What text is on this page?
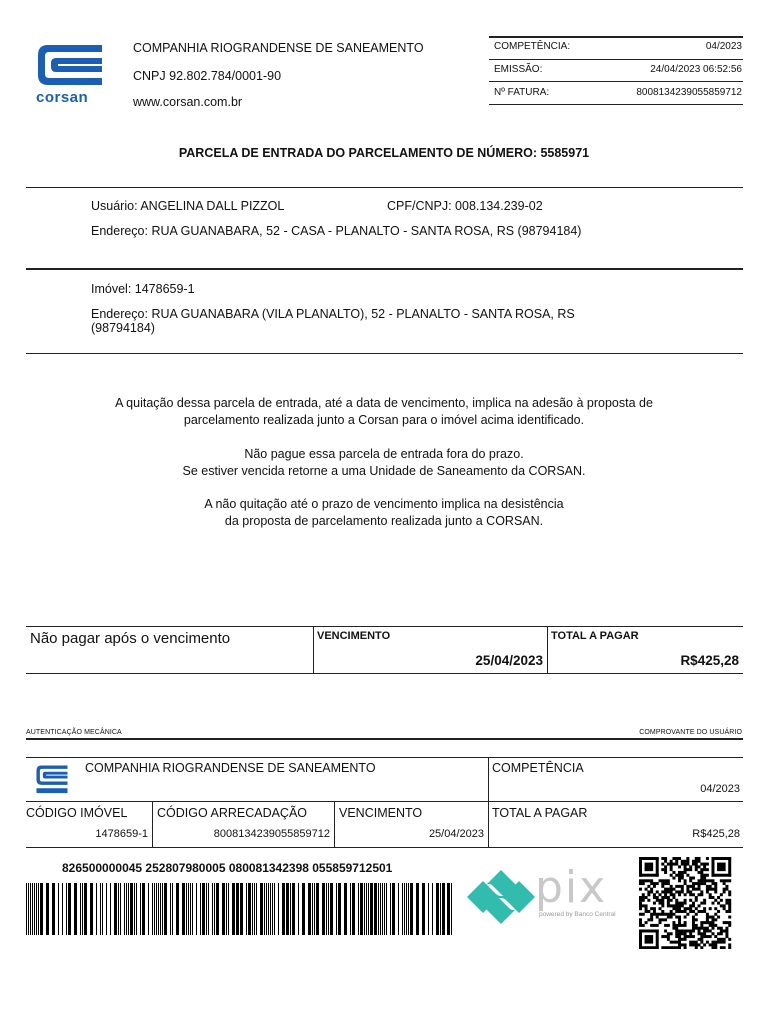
corsan
COMPANHIA RIOGRANDENSE DE SANEAMENTO
CNPJ 92.802.784/0001-90
www.corsan.com.br
COMPETÊNCIA:	04/2023
EMISSÃO:	24/04/2023 06:52:56
Nº FATURA:	8008134239055859712
PARCELA DE ENTRADA DO PARCELAMENTO DE NÚMERO: 5585971
Usuário: ANGELINA DALL PIZZOL	CPF/CNPJ: 008.134.239-02
Endereço: RUA GUANABARA, 52 - CASA - PLANALTO - SANTA ROSA, RS (98794184)
Imóvel: 1478659-1
Endereço: RUA GUANABARA (VILA PLANALTO), 52 - PLANALTO - SANTA ROSA, RS
(98794184)
A quitação dessa parcela de entrada, até a data de vencimento, implica na adesão à proposta de
parcelamento realizada junto a Corsan para o imóvel acima identificado.
Não pague essa parcela de entrada fora do prazo.
Se estiver vencida retorne a uma Unidade de Saneamento da CORSAN.
A não quitação até o prazo de vencimento implica na desistência
da proposta de parcelamento realizada junto a CORSAN.
Não pagar após o vencimento	VENCIMENTO
25/04/2023
TOTAL A PAGAR
R$425,28
AUTENTICAÇÃO MECÂNICA	COMPROVANTE DO USUÁRIO
COMPANHIA RIOGRANDENSE DE SANEAMENTO	COMPETÊNCIA
04/2023
CÓDIGO IMÓVEL
1478659-1
CÓDIGO ARRECADAÇÃO
8008134239055859712
VENCIMENTO
25/04/2023
TOTAL A PAGAR
R$425,28
826500000045 252807980005 080081342398 055859712501	pix
powered by Banco Central
